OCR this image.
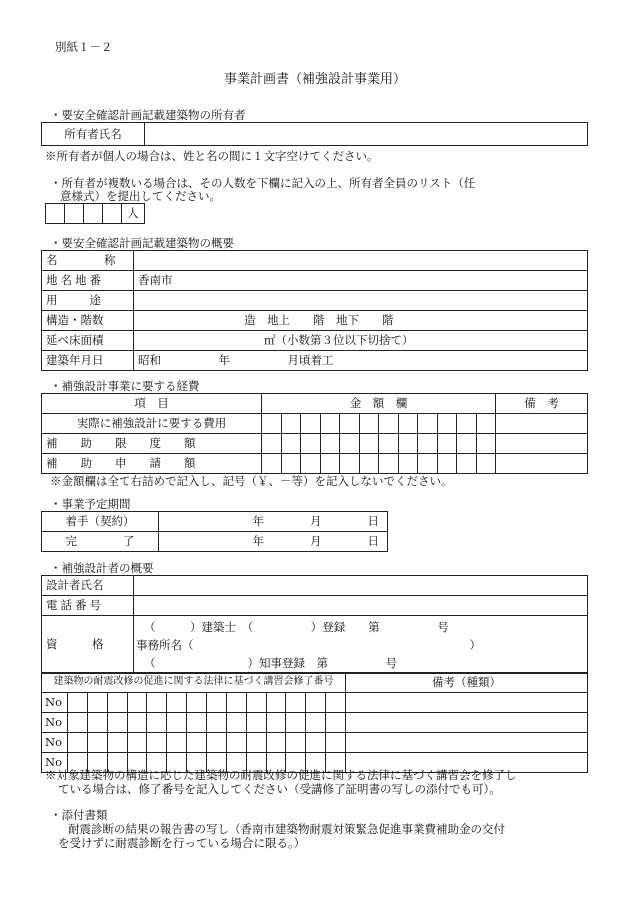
別紙１－２
事業計画書（補強設計事業用）
・要安全確認計画記載建築物の所有者
所有者氏名	
※所有者が個人の場合は、姓と名の間に１文字空けてください。
・所有者が複数いる場合は、その人数を下欄に記入の上、所有者全員のリスト（任
意様式）を提出してください。
				人
・要安全確認計画記載建築物の概要
名　　　称	
地名地番	香南市
用　　途	
構造・階数	造　地上　　階　地下　　階
延べ床面積	㎡（小数第３位以下切捨て）
建築年月日	昭和　　　　　年　　　　　月頃着工
・補強設計事業に要する経費
項　目	金　額　欄	備　考
実際に補強設計に要する費用	

補　　助　　限　　度　　額	

補　　助　　申　　請　　額	

※金額欄は全て右詰めで記入し、記号（￥、－等）を記入しないでください。
・事業予定期間
着手（契約）	年　　　　月　　　　日
完　　　　了	年　　　　月　　　　日
・補強設計者の概要
設計者氏名	
電話番号	
資　　　格	（　　　）建築士　（　　　　　）登録　　第　　　　　号
事務所名（　　　　　　　　　　　　　　　　　　　　　　　　）
（　　　　　　　　）知事登録　第　　　　　号
建築物の耐震改修の促進に関する法律に基づく講習会修了番号	備考（種類）

No	

No	

No	

No	

※対象建築物の構造に応じた建築物の耐震改修の促進に関する法律に基づく講習会を修了し
ている場合は、修了番号を記入してください（受講修了証明書の写しの添付でも可）。
・添付書類
耐震診断の結果の報告書の写し（香南市建築物耐震対策緊急促進事業費補助金の交付
を受けずに耐震診断を行っている場合に限る。）
